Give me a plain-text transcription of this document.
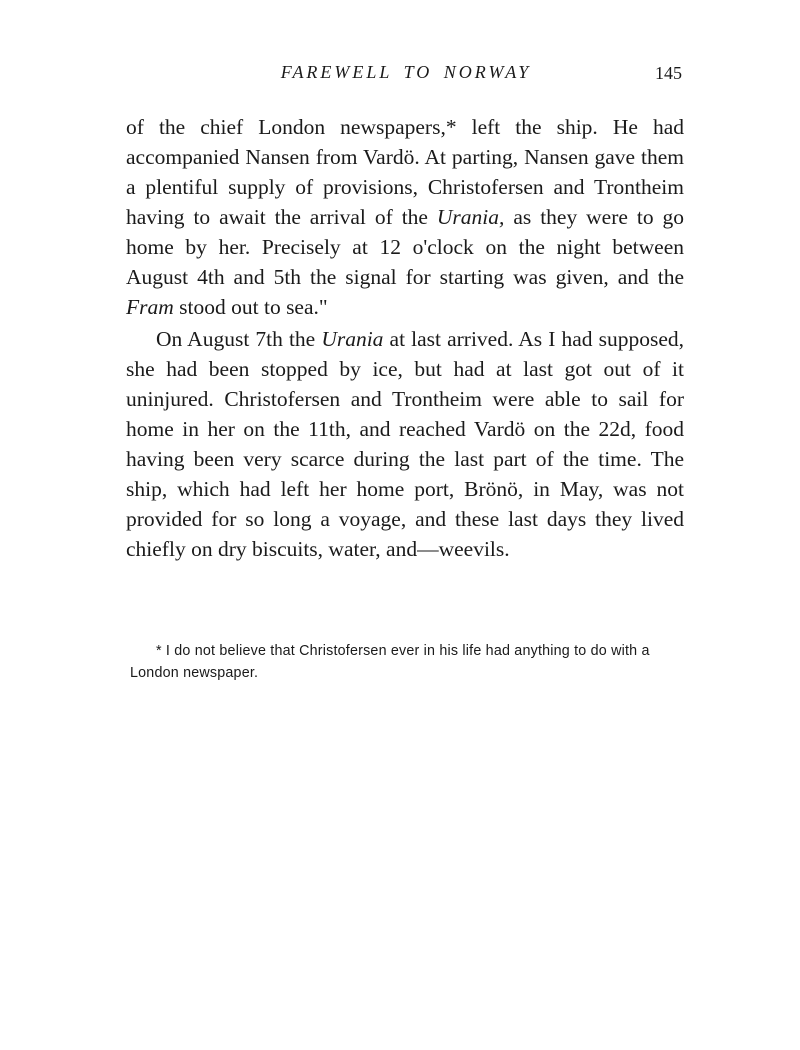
FAREWELL TO NORWAY	145

of the chief London newspapers,* left the ship. He had accompanied Nansen from Vardö. At parting, Nansen gave them a plentiful supply of provisions, Christofersen and Trontheim having to await the arrival of the Urania, as they were to go home by her. Precisely at 12 o'clock on the night between August 4th and 5th the signal for starting was given, and the Fram stood out to sea."

On August 7th the Urania at last arrived. As I had supposed, she had been stopped by ice, but had at last got out of it uninjured. Christofersen and Trontheim were able to sail for home in her on the 11th, and reached Vardö on the 22d, food having been very scarce during the last part of the time. The ship, which had left her home port, Brönö, in May, was not provided for so long a voyage, and these last days they lived chiefly on dry biscuits, water, and—weevils.

* I do not believe that Christofersen ever in his life had anything to do with a London newspaper.
